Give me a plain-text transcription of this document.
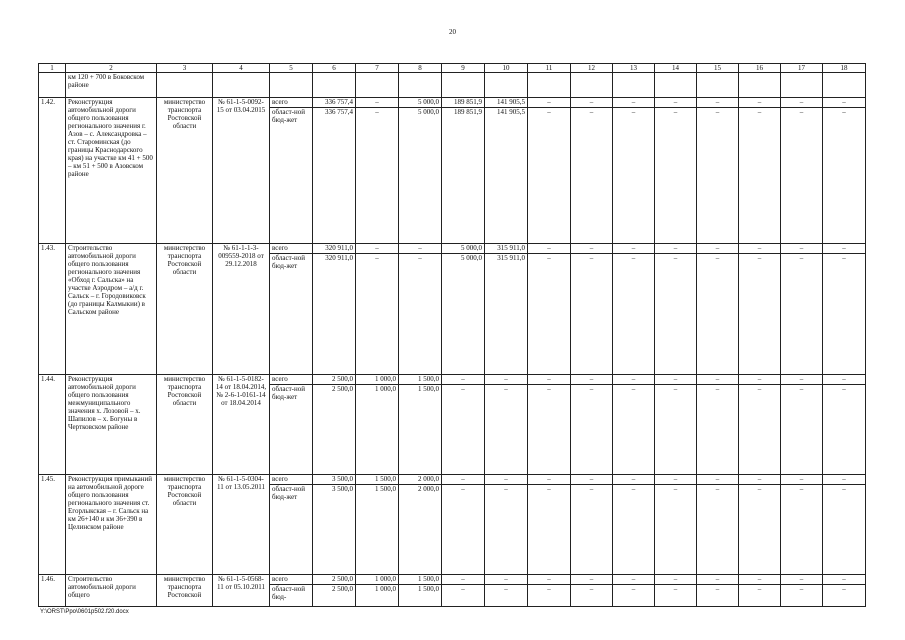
20
1	2	3	4	5	6	7	8	9	10	11	12	13	14	15	16	17	18
	км 120 + 700 в Боковском районе																
1.42.	Реконструкция автомобильной дороги общего пользования регионального значения г. Азов – с. Александровка – ст. Староминская (до границы Краснодарского края) на участке км 41 + 500 – км 51 + 500 в Азовском районе	министерство транспорта Ростовской области	№ 61-1-5-0092-15 от 03.04.2015	всего	336 757,4	–	5 000,0	189 851,9	141 905,5	–	–	–	–	–	–	–	–
				област-ной бюд-жет	336 757,4	–	5 000,0	189 851,9	141 905,5	–	–	–	–	–	–	–	–
1.43.	Строительство автомобильной дороги общего пользования регионального значения «Обход г. Сальска» на участке Аэродром – а/д г. Сальск – г. Городовиковск (до границы Калмыкии) в Сальском районе	министерство транспорта Ростовской области	№ 61-1-1-3-009559-2018 от 29.12.2018	всего	320 911,0	–	–	5 000,0	315 911,0	–	–	–	–	–	–	–	–
				област-ной бюд-жет	320 911,0	–	–	5 000,0	315 911,0	–	–	–	–	–	–	–	–
1.44.	Реконструкция автомобильной дороги общего пользования межмуниципального значения х. Лозовой – х. Шапилов – х. Богуны в Чертковском районе	министерство транспорта Ростовской области	№ 61-1-5-0182-14 от 18.04.2014, № 2-6-1-0161-14 от 18.04.2014	всего	2 500,0	1 000,0	1 500,0	–	–	–	–	–	–	–	–	–	–
				област-ной бюд-жет	2 500,0	1 000,0	1 500,0	–	–	–	–	–	–	–	–	–	–
1.45.	Реконструкция примыканий на автомобильной дороге общего пользования регионального значения ст. Егорлыкская – г. Сальск на км 26+140 и км 36+390 в Целинском районе	министерство транспорта Ростовской области	№ 61-1-5-0304-11 от 13.05.2011	всего	3 500,0	1 500,0	2 000,0	–	–	–	–	–	–	–	–	–	–
				област-ной бюд-жет	3 500,0	1 500,0	2 000,0	–	–	–	–	–	–	–	–	–	–
1.46.	Строительство автомобильной дороги общего	министерство транспорта Ростовской	№ 61-1-5-0568-11 от 05.10.2011	всего	2 500,0	1 000,0	1 500,0	–	–	–	–	–	–	–	–	–	–
				област-ной бюд-	2 500,0	1 000,0	1 500,0	–	–	–	–	–	–	–	–	–	–
Y:\ORST\Ppo\0601p502.f20.docx
